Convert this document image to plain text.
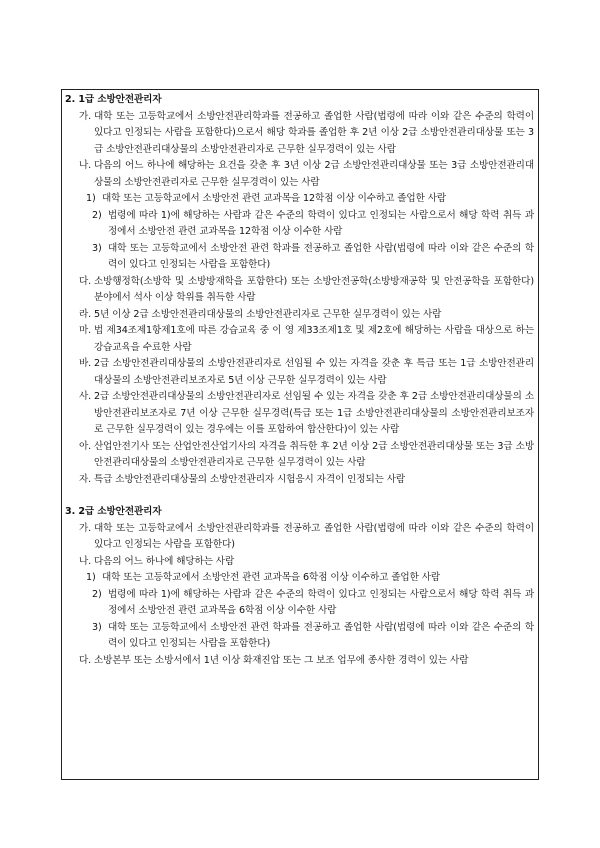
2. 1급 소방안전관리자
가. 대학 또는 고등학교에서 소방안전관리학과를 전공하고 졸업한 사람(법령에 따라 이와 같은 수준의 학력이 있다고 인정되는 사람을 포함한다)으로서 해당 학과를 졸업한 후 2년 이상 2급 소방안전관리대상물 또는 3급 소방안전관리대상물의 소방안전관리자로 근무한 실무경력이 있는 사람
나. 다음의 어느 하나에 해당하는 요건을 갖춘 후 3년 이상 2급 소방안전관리대상물 또는 3급 소방안전관리대상물의 소방안전관리자로 근무한 실무경력이 있는 사람
1) 대학 또는 고등학교에서 소방안전 관련 교과목을 12학점 이상 이수하고 졸업한 사람
2) 법령에 따라 1)에 해당하는 사람과 같은 수준의 학력이 있다고 인정되는 사람으로서 해당 학력 취득 과정에서 소방안전 관련 교과목을 12학점 이상 이수한 사람
3) 대학 또는 고등학교에서 소방안전 관련 학과를 전공하고 졸업한 사람(법령에 따라 이와 같은 수준의 학력이 있다고 인정되는 사람을 포함한다)
다. 소방행정학(소방학 및 소방방재학을 포함한다) 또는 소방안전공학(소방방재공학 및 안전공학을 포함한다) 분야에서 석사 이상 학위를 취득한 사람
라. 5년 이상 2급 소방안전관리대상물의 소방안전관리자로 근무한 실무경력이 있는 사람
마. 법 제34조제1항제1호에 따른 강습교육 중 이 영 제33조제1호 및 제2호에 해당하는 사람을 대상으로 하는 강습교육을 수료한 사람
바. 2급 소방안전관리대상물의 소방안전관리자로 선임될 수 있는 자격을 갖춘 후 특급 또는 1급 소방안전관리대상물의 소방안전관리보조자로 5년 이상 근무한 실무경력이 있는 사람
사. 2급 소방안전관리대상물의 소방안전관리자로 선임될 수 있는 자격을 갖춘 후 2급 소방안전관리대상물의 소방안전관리보조자로 7년 이상 근무한 실무경력(특급 또는 1급 소방안전관리대상물의 소방안전관리보조자로 근무한 실무경력이 있는 경우에는 이를 포함하여 합산한다)이 있는 사람
아. 산업안전기사 또는 산업안전산업기사의 자격을 취득한 후 2년 이상 2급 소방안전관리대상물 또는 3급 소방안전관리대상물의 소방안전관리자로 근무한 실무경력이 있는 사람
자. 특급 소방안전관리대상물의 소방안전관리자 시험응시 자격이 인정되는 사람
3. 2급 소방안전관리자
가. 대학 또는 고등학교에서 소방안전관리학과를 전공하고 졸업한 사람(법령에 따라 이와 같은 수준의 학력이 있다고 인정되는 사람을 포함한다)
나. 다음의 어느 하나에 해당하는 사람
1) 대학 또는 고등학교에서 소방안전 관련 교과목을 6학점 이상 이수하고 졸업한 사람
2) 법령에 따라 1)에 해당하는 사람과 같은 수준의 학력이 있다고 인정되는 사람으로서 해당 학력 취득 과정에서 소방안전 관련 교과목을 6학점 이상 이수한 사람
3) 대학 또는 고등학교에서 소방안전 관련 학과를 전공하고 졸업한 사람(법령에 따라 이와 같은 수준의 학력이 있다고 인정되는 사람을 포함한다)
다. 소방본부 또는 소방서에서 1년 이상 화재진압 또는 그 보조 업무에 종사한 경력이 있는 사람
